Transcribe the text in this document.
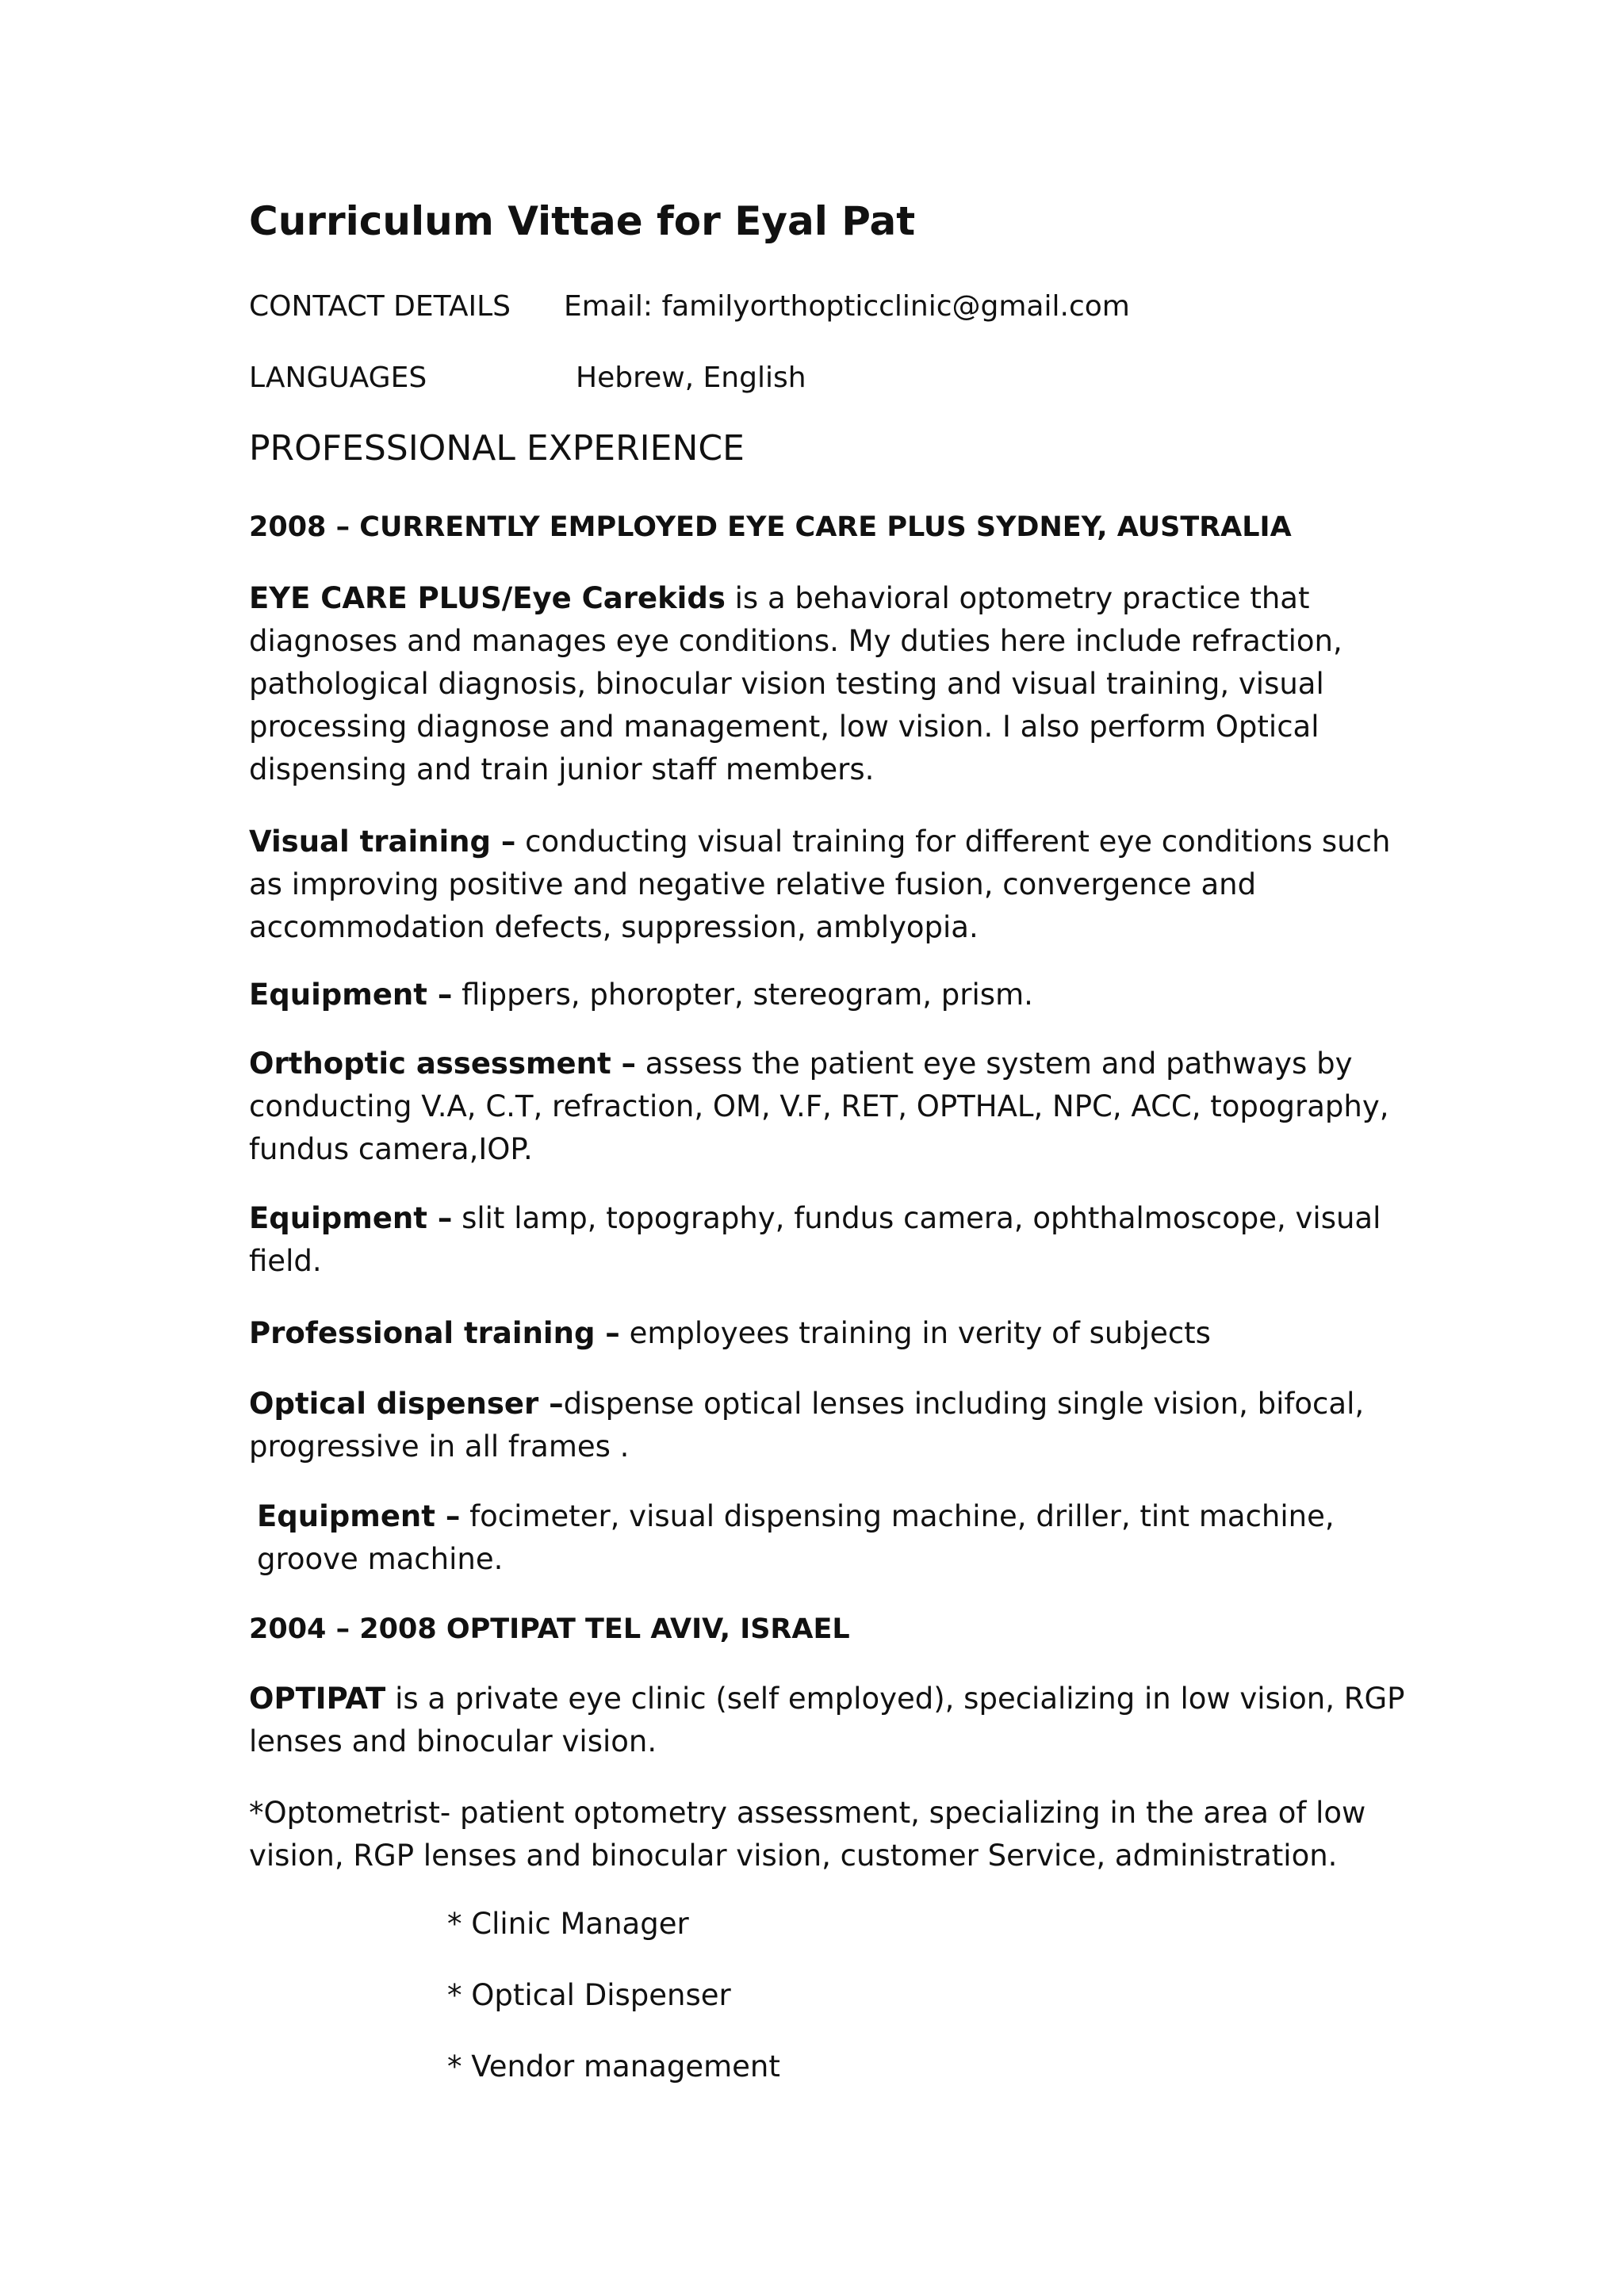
Curriculum Vittae for Eyal Pat

CONTACT DETAILS Email: familyorthopticclinic@gmail.com

LANGUAGES	Hebrew, English

PROFESSIONAL EXPERIENCE
2008 – CURRENTLY EMPLOYED EYE CARE PLUS SYDNEY, AUSTRALIA

EYE CARE PLUS/Eye Carekids is a behavioral optometry practice that diagnoses and manages eye conditions. My duties here include refraction, pathological diagnosis, binocular vision testing and visual training, visual processing diagnose and management, low vision. I also perform Optical dispensing and train junior staff members.

Visual training – conducting visual training for different eye conditions such as improving positive and negative relative fusion, convergence and accommodation defects, suppression, amblyopia.

Equipment – flippers, phoropter, stereogram, prism.

Orthoptic assessment – assess the patient eye system and pathways by conducting V.A, C.T, refraction, OM, V.F, RET, OPTHAL, NPC, ACC, topography, fundus camera,IOP.

Equipment – slit lamp, topography, fundus camera, ophthalmoscope, visual field.

Professional training – employees training in verity of subjects

Optical dispenser –dispense optical lenses including single vision, bifocal, progressive in all frames .

Equipment – focimeter, visual dispensing machine, driller, tint machine, groove machine.

2004 – 2008 OPTIPAT TEL AVIV, ISRAEL

OPTIPAT is a private eye clinic (self employed), specializing in low vision, RGP lenses and binocular vision.

*Optometrist- patient optometry assessment, specializing in the area of low vision, RGP lenses and binocular vision, customer Service, administration.

* Clinic Manager

* Optical Dispenser

* Vendor management
